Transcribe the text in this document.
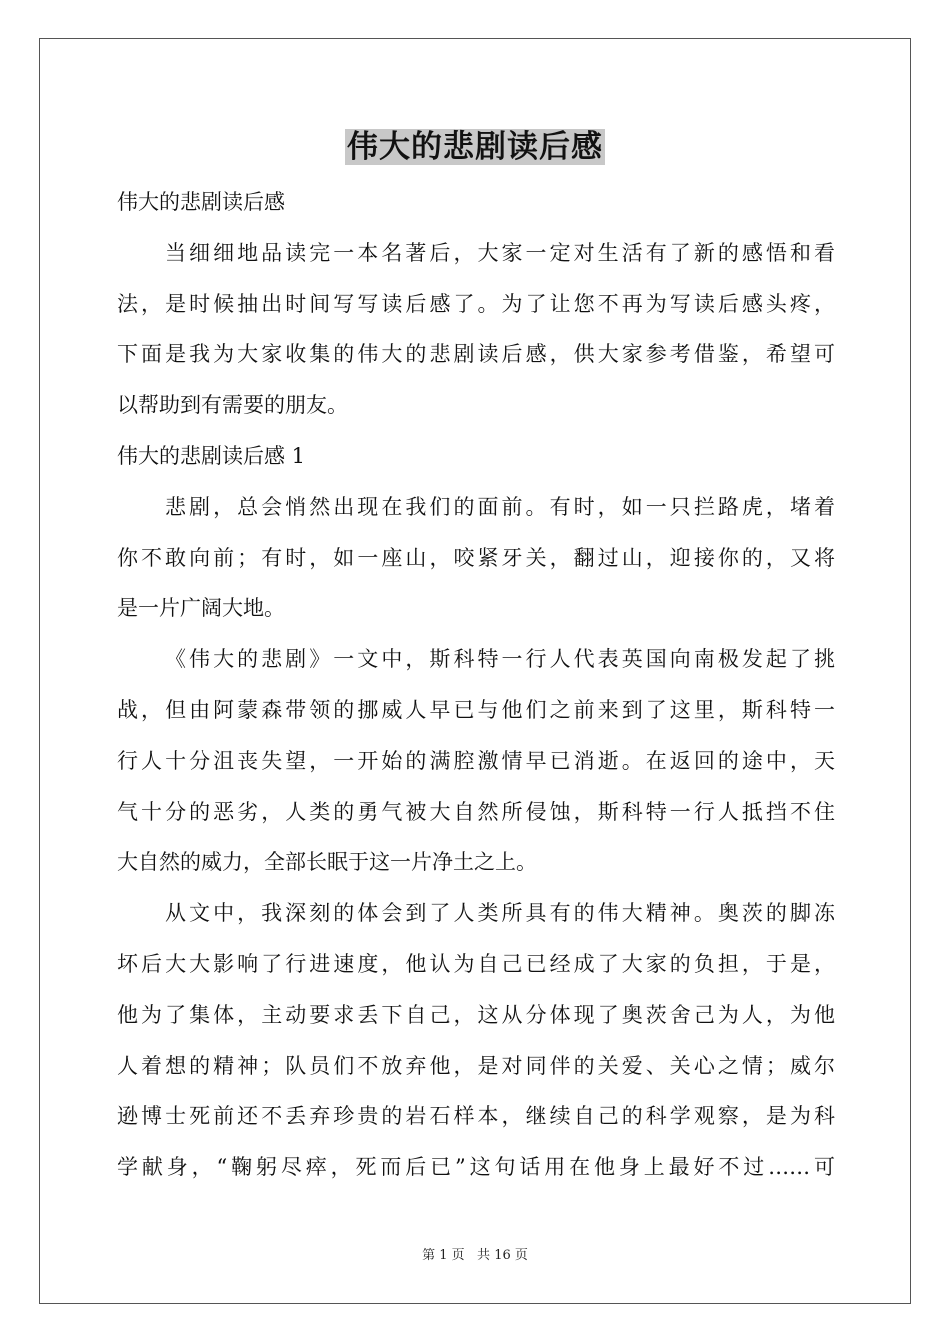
伟大的悲剧读后感
伟大的悲剧读后感
当细细地品读完一本名著后，大家一定对生活有了新的感悟和看
法，是时候抽出时间写写读后感了。为了让您不再为写读后感头疼，
下面是我为大家收集的伟大的悲剧读后感，供大家参考借鉴，希望可
以帮助到有需要的朋友。
伟大的悲剧读后感 1
悲剧，总会悄然出现在我们的面前。有时，如一只拦路虎，堵着
你不敢向前；有时，如一座山，咬紧牙关，翻过山，迎接你的，又将
是一片广阔大地。
《伟大的悲剧》一文中，斯科特一行人代表英国向南极发起了挑
战，但由阿蒙森带领的挪威人早已与他们之前来到了这里，斯科特一
行人十分沮丧失望，一开始的满腔激情早已消逝。在返回的途中，天
气十分的恶劣，人类的勇气被大自然所侵蚀，斯科特一行人抵挡不住
大自然的威力，全部长眠于这一片净土之上。
从文中，我深刻的体会到了人类所具有的伟大精神。奥茨的脚冻
坏后大大影响了行进速度，他认为自己已经成了大家的负担，于是，
他为了集体，主动要求丢下自己，这从分体现了奥茨舍己为人，为他
人着想的精神；队员们不放弃他，是对同伴的关爱、关心之情；威尔
逊博士死前还不丢弃珍贵的岩石样本，继续自己的科学观察，是为科
学献身，“鞠躬尽瘁，死而后已”这句话用在他身上最好不过……可
第 1 页   共 16 页
